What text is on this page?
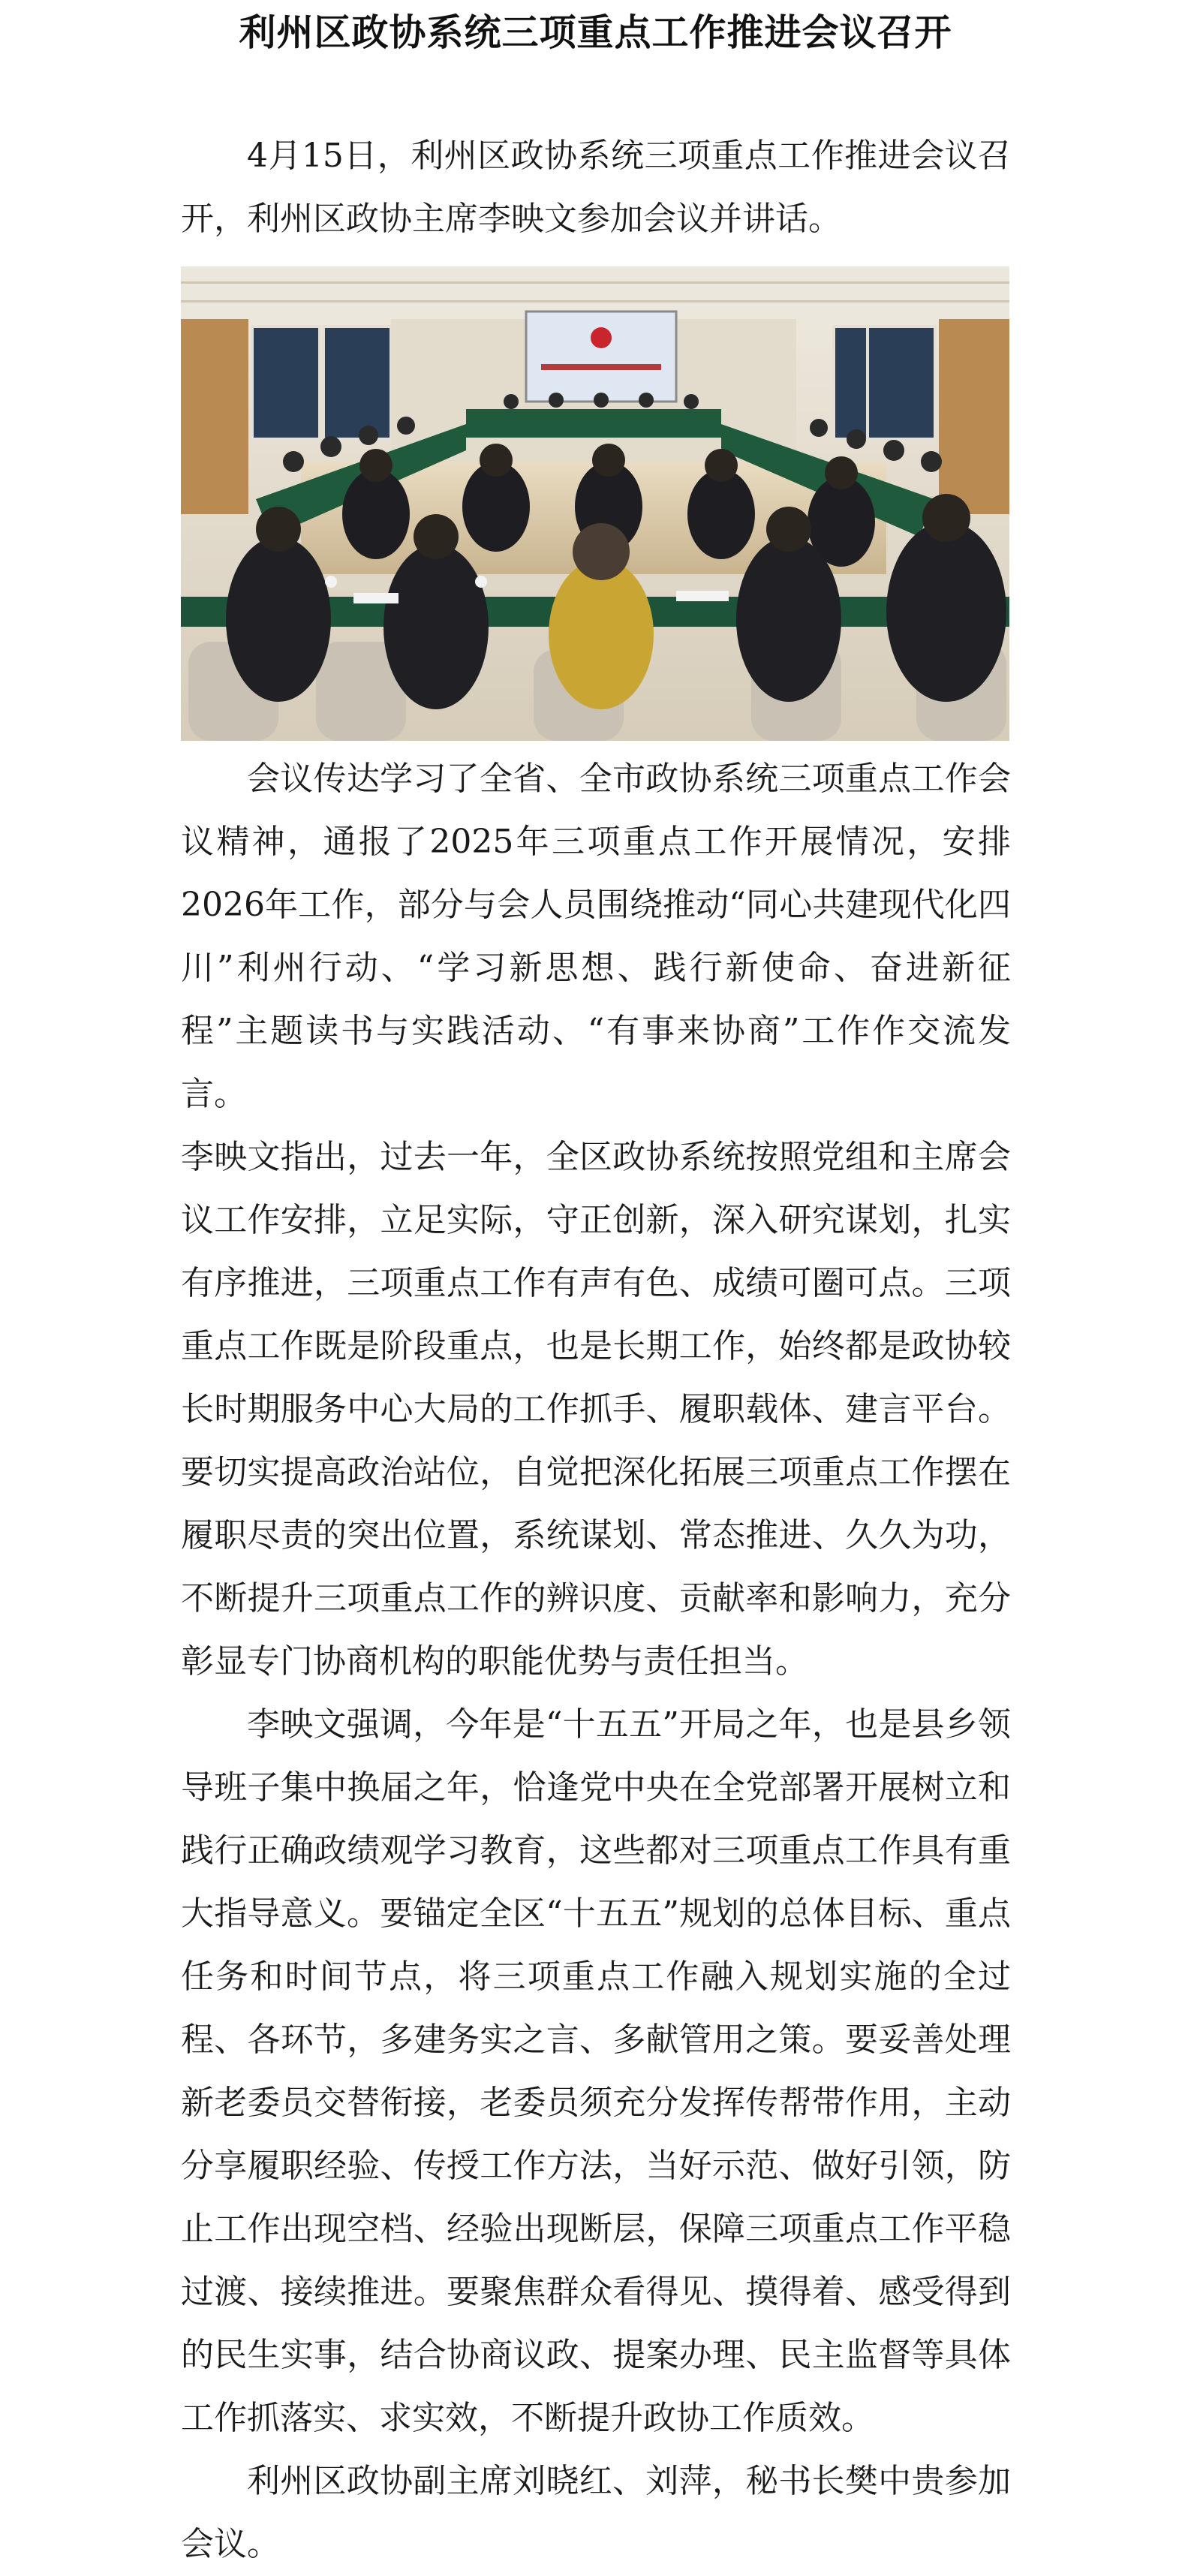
利州区政协系统三项重点工作推进会议召开

4月15日，利州区政协系统三项重点工作推进会议召开，利州区政协主席李映文参加会议并讲话。

会议传达学习了全省、全市政协系统三项重点工作会议精神，通报了2025年三项重点工作开展情况，安排2026年工作，部分与会人员围绕推动“同心共建现代化四川”利州行动、“学习新思想、践行新使命、奋进新征程”主题读书与实践活动、“有事来协商”工作作交流发言。

李映文指出，过去一年，全区政协系统按照党组和主席会议工作安排，立足实际，守正创新，深入研究谋划，扎实有序推进，三项重点工作有声有色、成绩可圈可点。三项重点工作既是阶段重点，也是长期工作，始终都是政协较长时期服务中心大局的工作抓手、履职载体、建言平台。要切实提高政治站位，自觉把深化拓展三项重点工作摆在履职尽责的突出位置，系统谋划、常态推进、久久为功，不断提升三项重点工作的辨识度、贡献率和影响力，充分彰显专门协商机构的职能优势与责任担当。

李映文强调，今年是“十五五”开局之年，也是县乡领导班子集中换届之年，恰逢党中央在全党部署开展树立和践行正确政绩观学习教育，这些都对三项重点工作具有重大指导意义。要锚定全区“十五五”规划的总体目标、重点任务和时间节点，将三项重点工作融入规划实施的全过程、各环节，多建务实之言、多献管用之策。要妥善处理新老委员交替衔接，老委员须充分发挥传帮带作用，主动分享履职经验、传授工作方法，当好示范、做好引领，防止工作出现空档、经验出现断层，保障三项重点工作平稳过渡、接续推进。要聚焦群众看得见、摸得着、感受得到的民生实事，结合协商议政、提案办理、民主监督等具体工作抓落实、求实效，不断提升政协工作质效。

利州区政协副主席刘晓红、刘萍，秘书长樊中贵参加会议。
